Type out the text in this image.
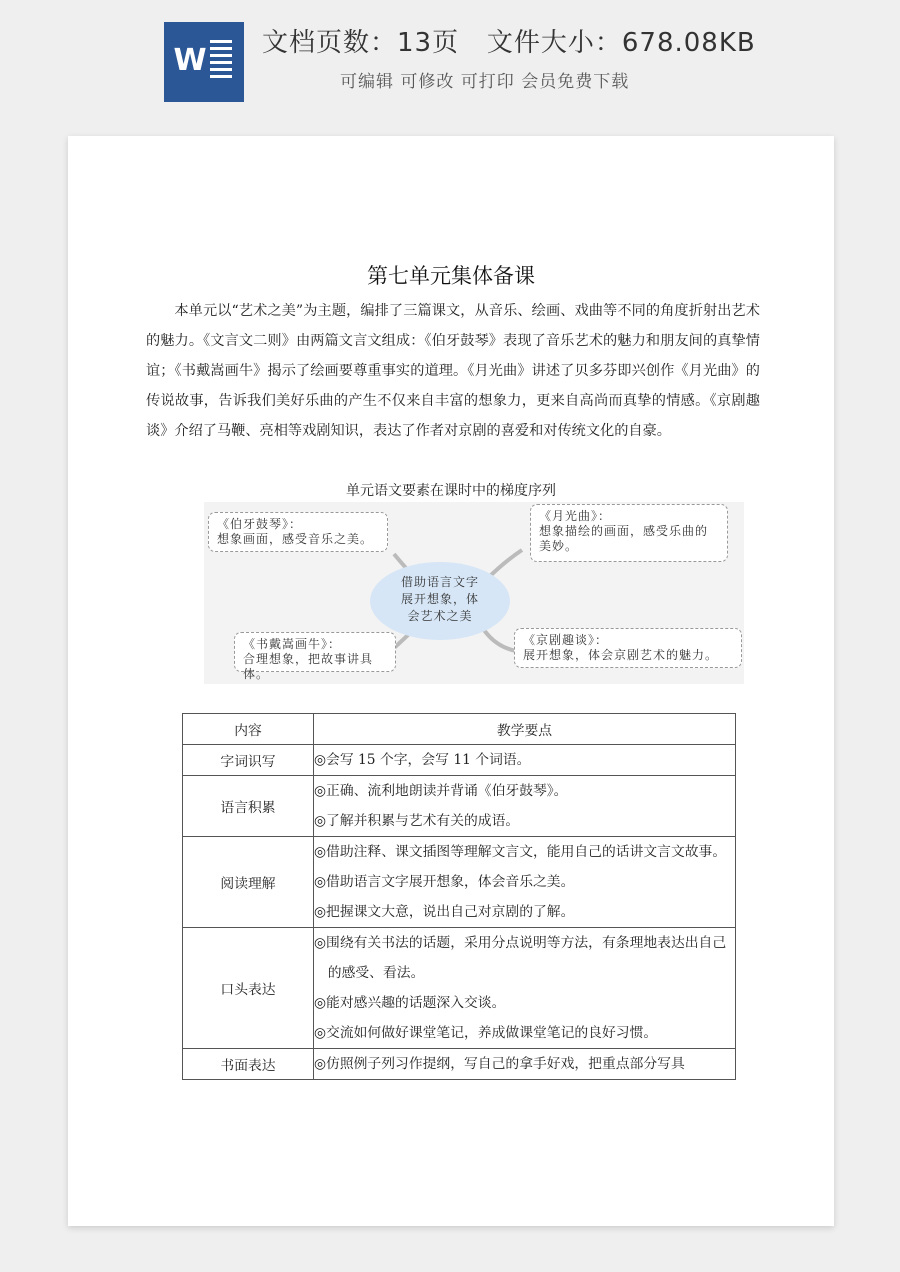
W 文档页数：13页   文件大小：678.08KB
可编辑 可修改 可打印 会员免费下载
第七单元集体备课
本单元以“艺术之美”为主题，编排了三篇课文，从音乐、绘画、戏曲等不同的角度折射出艺术的魅力。《文言文二则》由两篇文言文组成：《伯牙鼓琴》表现了音乐艺术的魅力和朋友间的真挚情谊；《书戴嵩画牛》揭示了绘画要尊重事实的道理。《月光曲》讲述了贝多芬即兴创作《月光曲》的传说故事，告诉我们美好乐曲的产生不仅来自丰富的想象力，更来自高尚而真挚的情感。《京剧趣谈》介绍了马鞭、亮相等戏剧知识，表达了作者对京剧的喜爱和对传统文化的自豪。
单元语文要素在课时中的梯度序列
《伯牙鼓琴》：
想象画面，感受音乐之美。
《月光曲》：
想象描绘的画面，感受乐曲的
美妙。
借助语言文字
展开想象，体
会艺术之美
《书戴嵩画牛》：
合理想象，把故事讲具体。
《京剧趣谈》：
展开想象，体会京剧艺术的魅力。
内容	教学要点
字词识写	◎会写 15 个字，会写 11 个词语。

语言积累	◎正确、流利地朗读并背诵《伯牙鼓琴》。

◎了解并积累与艺术有关的成语。

阅读理解	◎借助注释、课文插图等理解文言文，能用自己的话讲文言文故事。

◎借助语言文字展开想象，体会音乐之美。

◎把握课文大意，说出自己对京剧的了解。

口头表达	◎围绕有关书法的话题，采用分点说明等方法，有条理地表达出自己的感受、看法。

◎能对感兴趣的话题深入交谈。

◎交流如何做好课堂笔记，养成做课堂笔记的良好习惯。

书面表达	◎仿照例子列习作提纲，写自己的拿手好戏，把重点部分写具
